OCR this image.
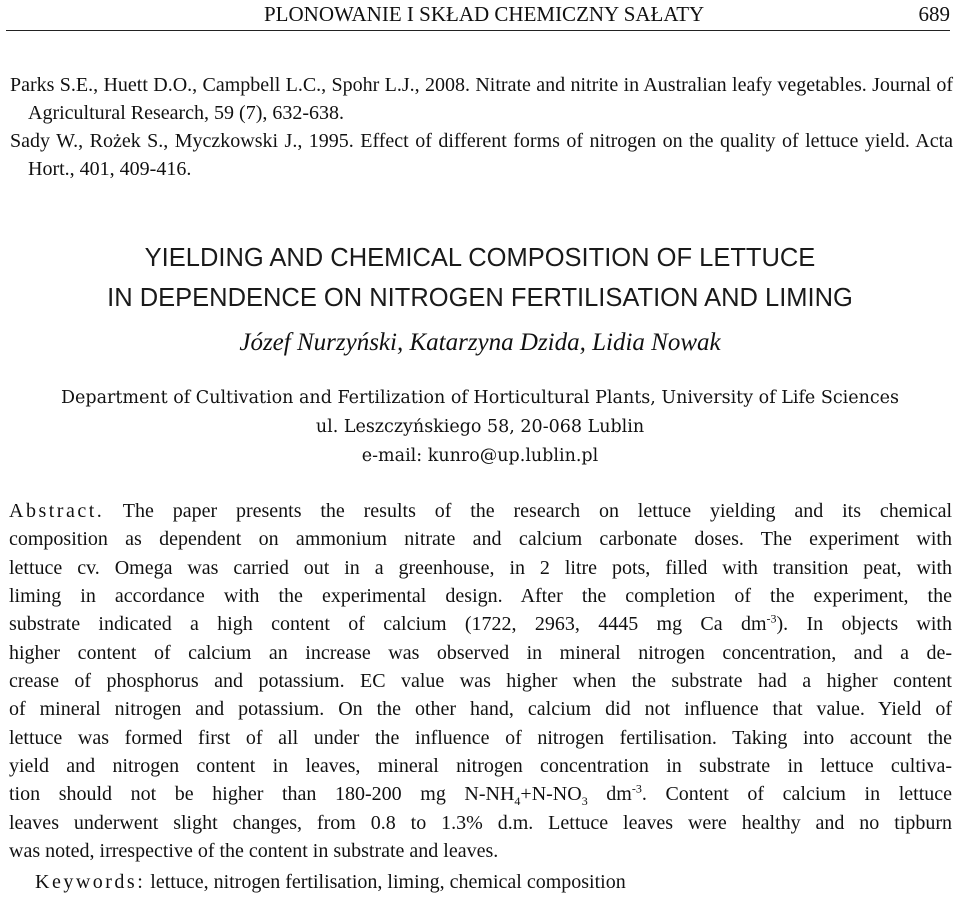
PLONOWANIE I SKŁAD CHEMICZNY SAŁATY	689
Parks S.E., Huett D.O., Campbell L.C., Spohr L.J., 2008. Nitrate and nitrite in Australian leafy vegetables. Journal of Agricultural Research, 59 (7), 632-638.
Sady W., Rożek S., Myczkowski J., 1995. Effect of different forms of nitrogen on the quality of lettuce yield. Acta Hort., 401, 409-416.
YIELDING AND CHEMICAL COMPOSITION OF LETTUCE
IN DEPENDENCE ON NITROGEN FERTILISATION AND LIMING
Józef Nurzyński, Katarzyna Dzida, Lidia Nowak
Department of Cultivation and Fertilization of Horticultural Plants, University of Life Sciences
ul. Leszczyńskiego 58, 20-068 Lublin
e-mail: kunro@up.lublin.pl
Abstract. The paper presents the results of the research on lettuce yielding and its chemical
composition as dependent on ammonium nitrate and calcium carbonate doses. The experiment with
lettuce cv. Omega was carried out in a greenhouse, in 2 litre pots, filled with transition peat, with
liming in accordance with the experimental design. After the completion of the experiment, the
substrate indicated a high content of calcium (1722, 2963, 4445 mg Ca $dm^{-3}$). In objects with
higher content of calcium an increase was observed in mineral nitrogen concentration, and a de-
crease of phosphorus and potassium. EC value was higher when the substrate had a higher content
of mineral nitrogen and potassium. On the other hand, calcium did not influence that value. Yield of
lettuce was formed first of all under the influence of nitrogen fertilisation. Taking into account the
yield and nitrogen content in leaves, mineral nitrogen concentration in substrate in lettuce cultiva-
tion should not be higher than 180-200 mg $N-NH_4+N-NO_3$ $dm^{-3}$. Content of calcium in lettuce
leaves underwent slight changes, from 0.8 to 1.3% d.m. Lettuce leaves were healthy and no tipburn
was noted, irrespective of the content in substrate and leaves.
Keywords: lettuce, nitrogen fertilisation, liming, chemical composition
